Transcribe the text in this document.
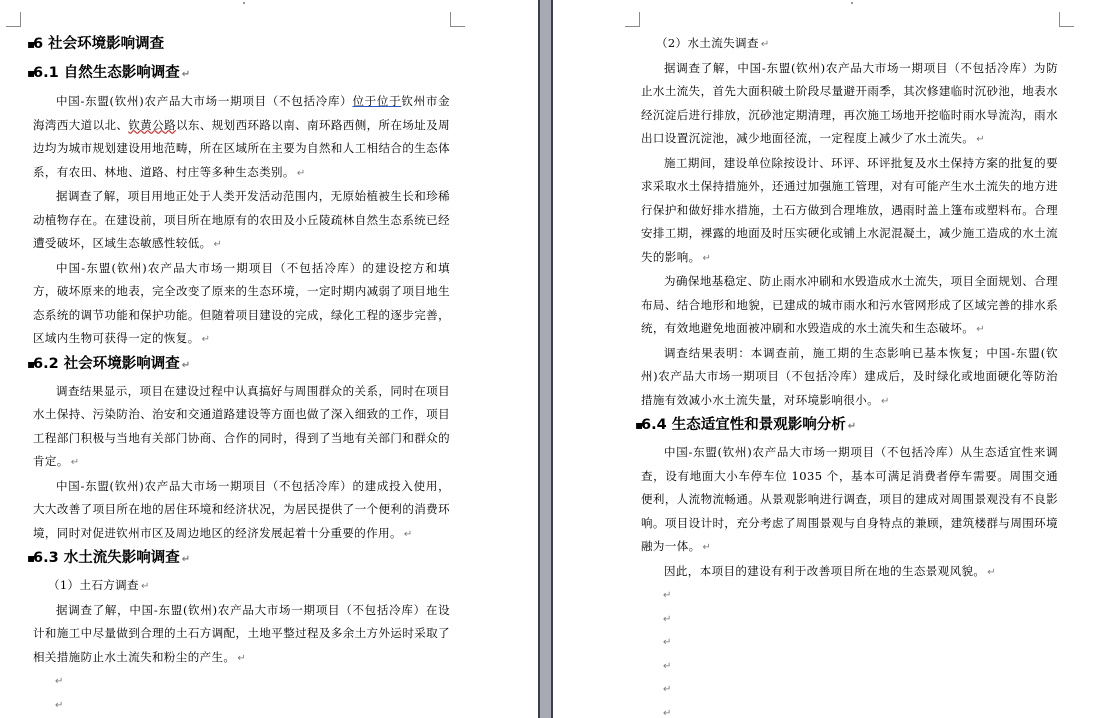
▪
6 社会环境影响调查
▪
6.1 自然生态影响调查 ↵

中国-东盟(钦州)农产品大市场一期项目（不包括冷库）位于位于钦州市金海湾西大道以北、钦黄公路以东、规划西环路以南、南环路西侧，所在场址及周边均为城市规划建设用地范畴，所在区域所在主要为自然和人工相结合的生态体系，有农田、林地、道路、村庄等多种生态类别。 ↵

据调查了解，项目用地正处于人类开发活动范围内，无原始植被生长和珍稀动植物存在。在建设前，项目所在地原有的农田及小丘陵疏林自然生态系统已经遭受破坏，区域生态敏感性较低。 ↵

中国-东盟(钦州)农产品大市场一期项目（不包括冷库）的建设挖方和填方，破坏原来的地表，完全改变了原来的生态环境，一定时期内减弱了项目地生态系统的调节功能和保护功能。但随着项目建设的完成，绿化工程的逐步完善，区域内生物可获得一定的恢复。 ↵

▪
6.2 社会环境影响调查 ↵

调查结果显示，项目在建设过程中认真搞好与周围群众的关系，同时在项目水土保持、污染防治、治安和交通道路建设等方面也做了深入细致的工作，项目工程部门积极与当地有关部门协商、合作的同时，得到了当地有关部门和群众的肯定。 ↵

中国-东盟(钦州)农产品大市场一期项目（不包括冷库）的建成投入使用，大大改善了项目所在地的居住环境和经济状况，为居民提供了一个便利的消费环境，同时对促进钦州市区及周边地区的经济发展起着十分重要的作用。 ↵

▪
6.3 水土流失影响调查 ↵

（1）土石方调查 ↵

据调查了解，中国-东盟(钦州)农产品大市场一期项目（不包括冷库）在设计和施工中尽量做到合理的土石方调配，土地平整过程及多余土方外运时采取了相关措施防止水土流失和粉尘的产生。 ↵

↵
↵

（2）水土流失调查 ↵

据调查了解，中国-东盟(钦州)农产品大市场一期项目（不包括冷库）为防止水土流失，首先大面积破土阶段尽量避开雨季，其次修建临时沉砂池，地表水经沉淀后进行排放，沉砂池定期清理，再次施工场地开挖临时雨水导流沟，雨水出口设置沉淀池，减少地面径流，一定程度上减少了水土流失。 ↵

施工期间，建设单位除按设计、环评、环评批复及水土保持方案的批复的要求采取水土保持措施外，还通过加强施工管理，对有可能产生水土流失的地方进行保护和做好排水措施，土石方做到合理堆放，遇雨时盖上篷布或塑料布。合理安排工期，裸露的地面及时压实硬化或铺上水泥混凝土，减少施工造成的水土流失的影响。 ↵

为确保地基稳定、防止雨水冲刷和水毁造成水土流失，项目全面规划、合理布局、结合地形和地貌，已建成的城市雨水和污水管网形成了区域完善的排水系统，有效地避免地面被冲刷和水毁造成的水土流失和生态破坏。 ↵

调查结果表明：本调查前，施工期的生态影响已基本恢复；中国-东盟(钦州)农产品大市场一期项目（不包括冷库）建成后，及时绿化或地面硬化等防治措施有效减小水土流失量，对环境影响很小。 ↵

▪
6.4 生态适宜性和景观影响分析 ↵

中国-东盟(钦州)农产品大市场一期项目（不包括冷库）从生态适宜性来调查，设有地面大小车停车位 1035 个，基本可满足消费者停车需要。周围交通便利，人流物流畅通。从景观影响进行调查，项目的建成对周围景观没有不良影响。项目设计时，充分考虑了周围景观与自身特点的兼顾，建筑楼群与周围环境融为一体。 ↵

因此，本项目的建设有利于改善项目所在地的生态景观风貌。 ↵

↵
↵
↵
↵
↵
↵
